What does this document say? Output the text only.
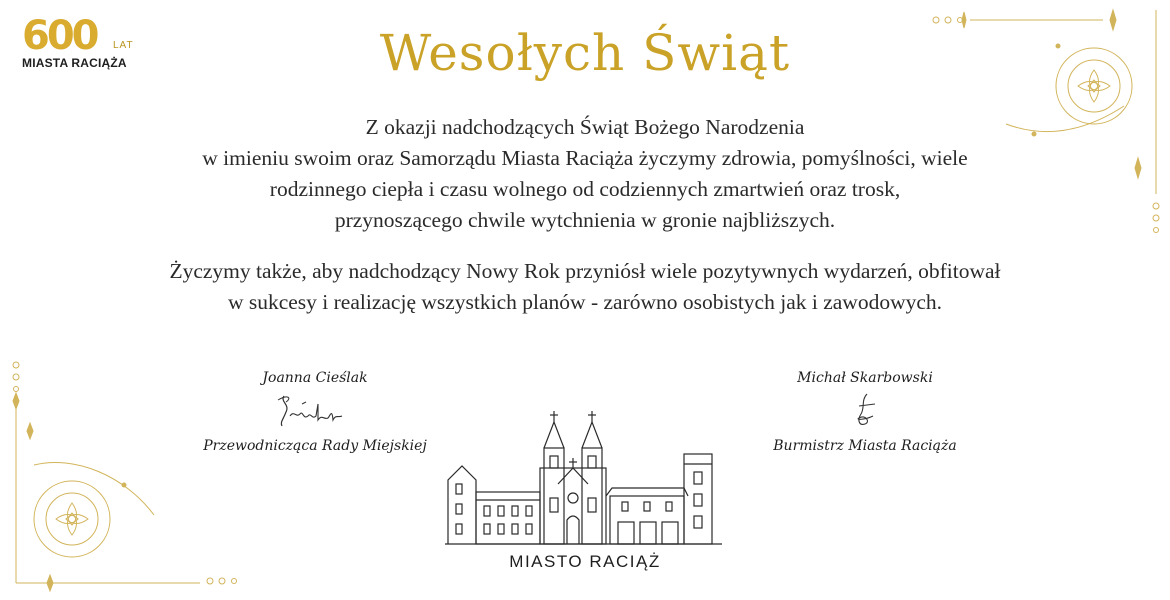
600 LAT
MIASTA RACIĄŻA	Wesołych Świąt

Z okazji nadchodzących Świąt Bożego Narodzenia

w imieniu swoim oraz Samorządu Miasta Raciąża życzymy zdrowia, pomyślności, wiele

rodzinnego ciepła i czasu wolnego od codziennych zmartwień oraz trosk,

przynoszącego chwile wytchnienia w gronie najbliższych.

Życzymy także, aby nadchodzący Nowy Rok przyniósł wiele pozytywnych wydarzeń, obfitował

w sukcesy i realizację wszystkich planów - zarówno osobistych jak i zawodowych.

Joanna Cieślak
Przewodnicząca Rady Miejskiej
Michał Skarbowski
Burmistrz Miasta Raciąża
MIASTO RACIĄŻ
